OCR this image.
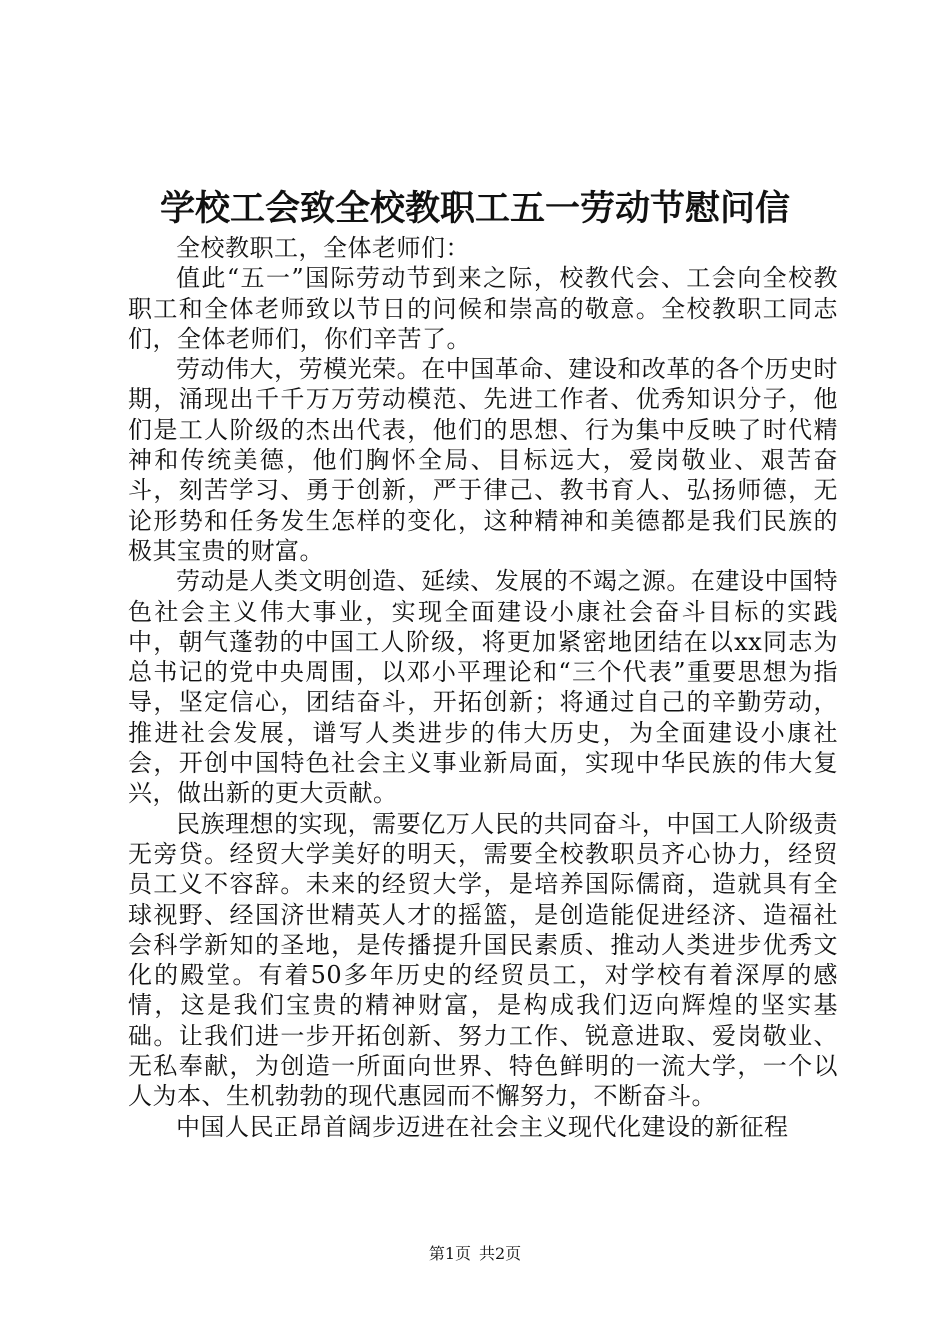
学校工会致全校教职工五一劳动节慰问信

全校教职工，全体老师们：

值此“五一”国际劳动节到来之际，校教代会、工会向全校教职工和全体老师致以节日的问候和崇高的敬意。全校教职工同志们，全体老师们，你们辛苦了。

劳动伟大，劳模光荣。在中国革命、建设和改革的各个历史时期，涌现出千千万万劳动模范、先进工作者、优秀知识分子，他们是工人阶级的杰出代表，他们的思想、行为集中反映了时代精神和传统美德，他们胸怀全局、目标远大，爱岗敬业、艰苦奋斗，刻苦学习、勇于创新，严于律己、教书育人、弘扬师德，无论形势和任务发生怎样的变化，这种精神和美德都是我们民族的极其宝贵的财富。

劳动是人类文明创造、延续、发展的不竭之源。在建设中国特色社会主义伟大事业，实现全面建设小康社会奋斗目标的实践中，朝气蓬勃的中国工人阶级，将更加紧密地团结在以xx同志为总书记的党中央周围，以邓小平理论和“三个代表”重要思想为指导，坚定信心，团结奋斗，开拓创新；将通过自己的辛勤劳动，推进社会发展，谱写人类进步的伟大历史，为全面建设小康社会，开创中国特色社会主义事业新局面，实现中华民族的伟大复兴，做出新的更大贡献。

民族理想的实现，需要亿万人民的共同奋斗，中国工人阶级责无旁贷。经贸大学美好的明天，需要全校教职员齐心协力，经贸员工义不容辞。未来的经贸大学，是培养国际儒商，造就具有全球视野、经国济世精英人才的摇篮，是创造能促进经济、造福社会科学新知的圣地，是传播提升国民素质、推动人类进步优秀文化的殿堂。有着50多年历史的经贸员工，对学校有着深厚的感情，这是我们宝贵的精神财富，是构成我们迈向辉煌的坚实基础。让我们进一步开拓创新、努力工作、锐意进取、爱岗敬业、无私奉献，为创造一所面向世界、特色鲜明的一流大学，一个以人为本、生机勃勃的现代惠园而不懈努力，不断奋斗。

中国人民正昂首阔步迈进在社会主义现代化建设的新征程

第1页 共2页
